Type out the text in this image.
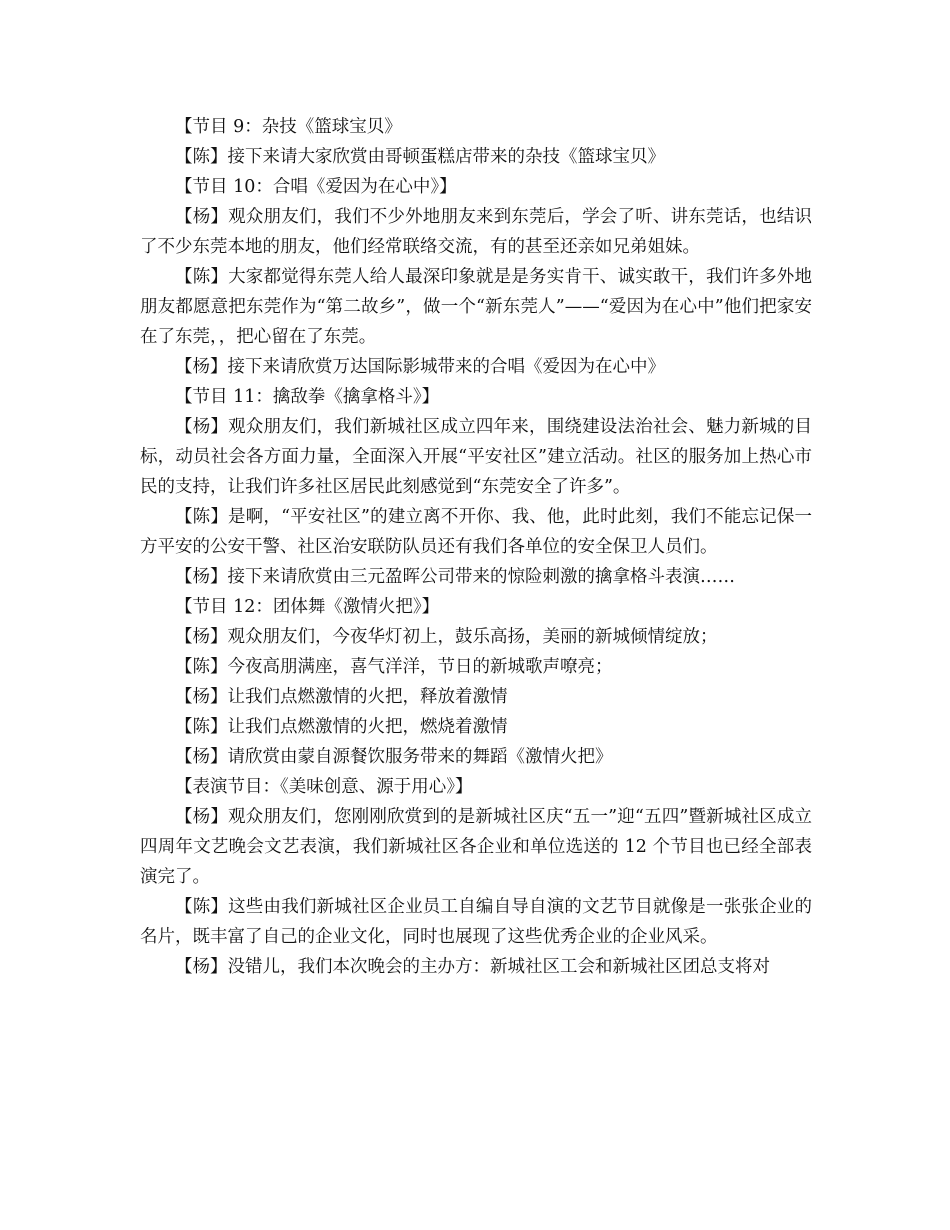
【节目 9：杂技《篮球宝贝》

【陈】接下来请大家欣赏由哥顿蛋糕店带来的杂技《篮球宝贝》

【节目 10：合唱《爱因为在心中》】

【杨】观众朋友们，我们不少外地朋友来到东莞后，学会了听、讲东莞话，也结识了不少东莞本地的朋友，他们经常联络交流，有的甚至还亲如兄弟姐妹。

【陈】大家都觉得东莞人给人最深印象就是是务实肯干、诚实敢干，我们许多外地朋友都愿意把东莞作为“第二故乡”，做一个“新东莞人”——“爱因为在心中”他们把家安在了东莞，，把心留在了东莞。

【杨】接下来请欣赏万达国际影城带来的合唱《爱因为在心中》

【节目 11：擒敌拳《擒拿格斗》】

【杨】观众朋友们，我们新城社区成立四年来，围绕建设法治社会、魅力新城的目标，动员社会各方面力量，全面深入开展“平安社区”建立活动。社区的服务加上热心市民的支持，让我们许多社区居民此刻感觉到“东莞安全了许多”。

【陈】是啊，“平安社区”的建立离不开你、我、他，此时此刻，我们不能忘记保一方平安的公安干警、社区治安联防队员还有我们各单位的安全保卫人员们。

【杨】接下来请欣赏由三元盈晖公司带来的惊险刺激的擒拿格斗表演……

【节目 12：团体舞《激情火把》】

【杨】观众朋友们，今夜华灯初上，鼓乐高扬，美丽的新城倾情绽放；

【陈】今夜高朋满座，喜气洋洋，节日的新城歌声嘹亮；

【杨】让我们点燃激情的火把，释放着激情

【陈】让我们点燃激情的火把，燃烧着激情

【杨】请欣赏由蒙自源餐饮服务带来的舞蹈《激情火把》

【表演节目：《美味创意、源于用心》】

【杨】观众朋友们，您刚刚欣赏到的是新城社区庆“五一”迎“五四”暨新城社区成立四周年文艺晚会文艺表演，我们新城社区各企业和单位选送的 12 个节目也已经全部表演完了。

【陈】这些由我们新城社区企业员工自编自导自演的文艺节目就像是一张张企业的名片，既丰富了自己的企业文化，同时也展现了这些优秀企业的企业风采。

【杨】没错儿，我们本次晚会的主办方：新城社区工会和新城社区团总支将对
